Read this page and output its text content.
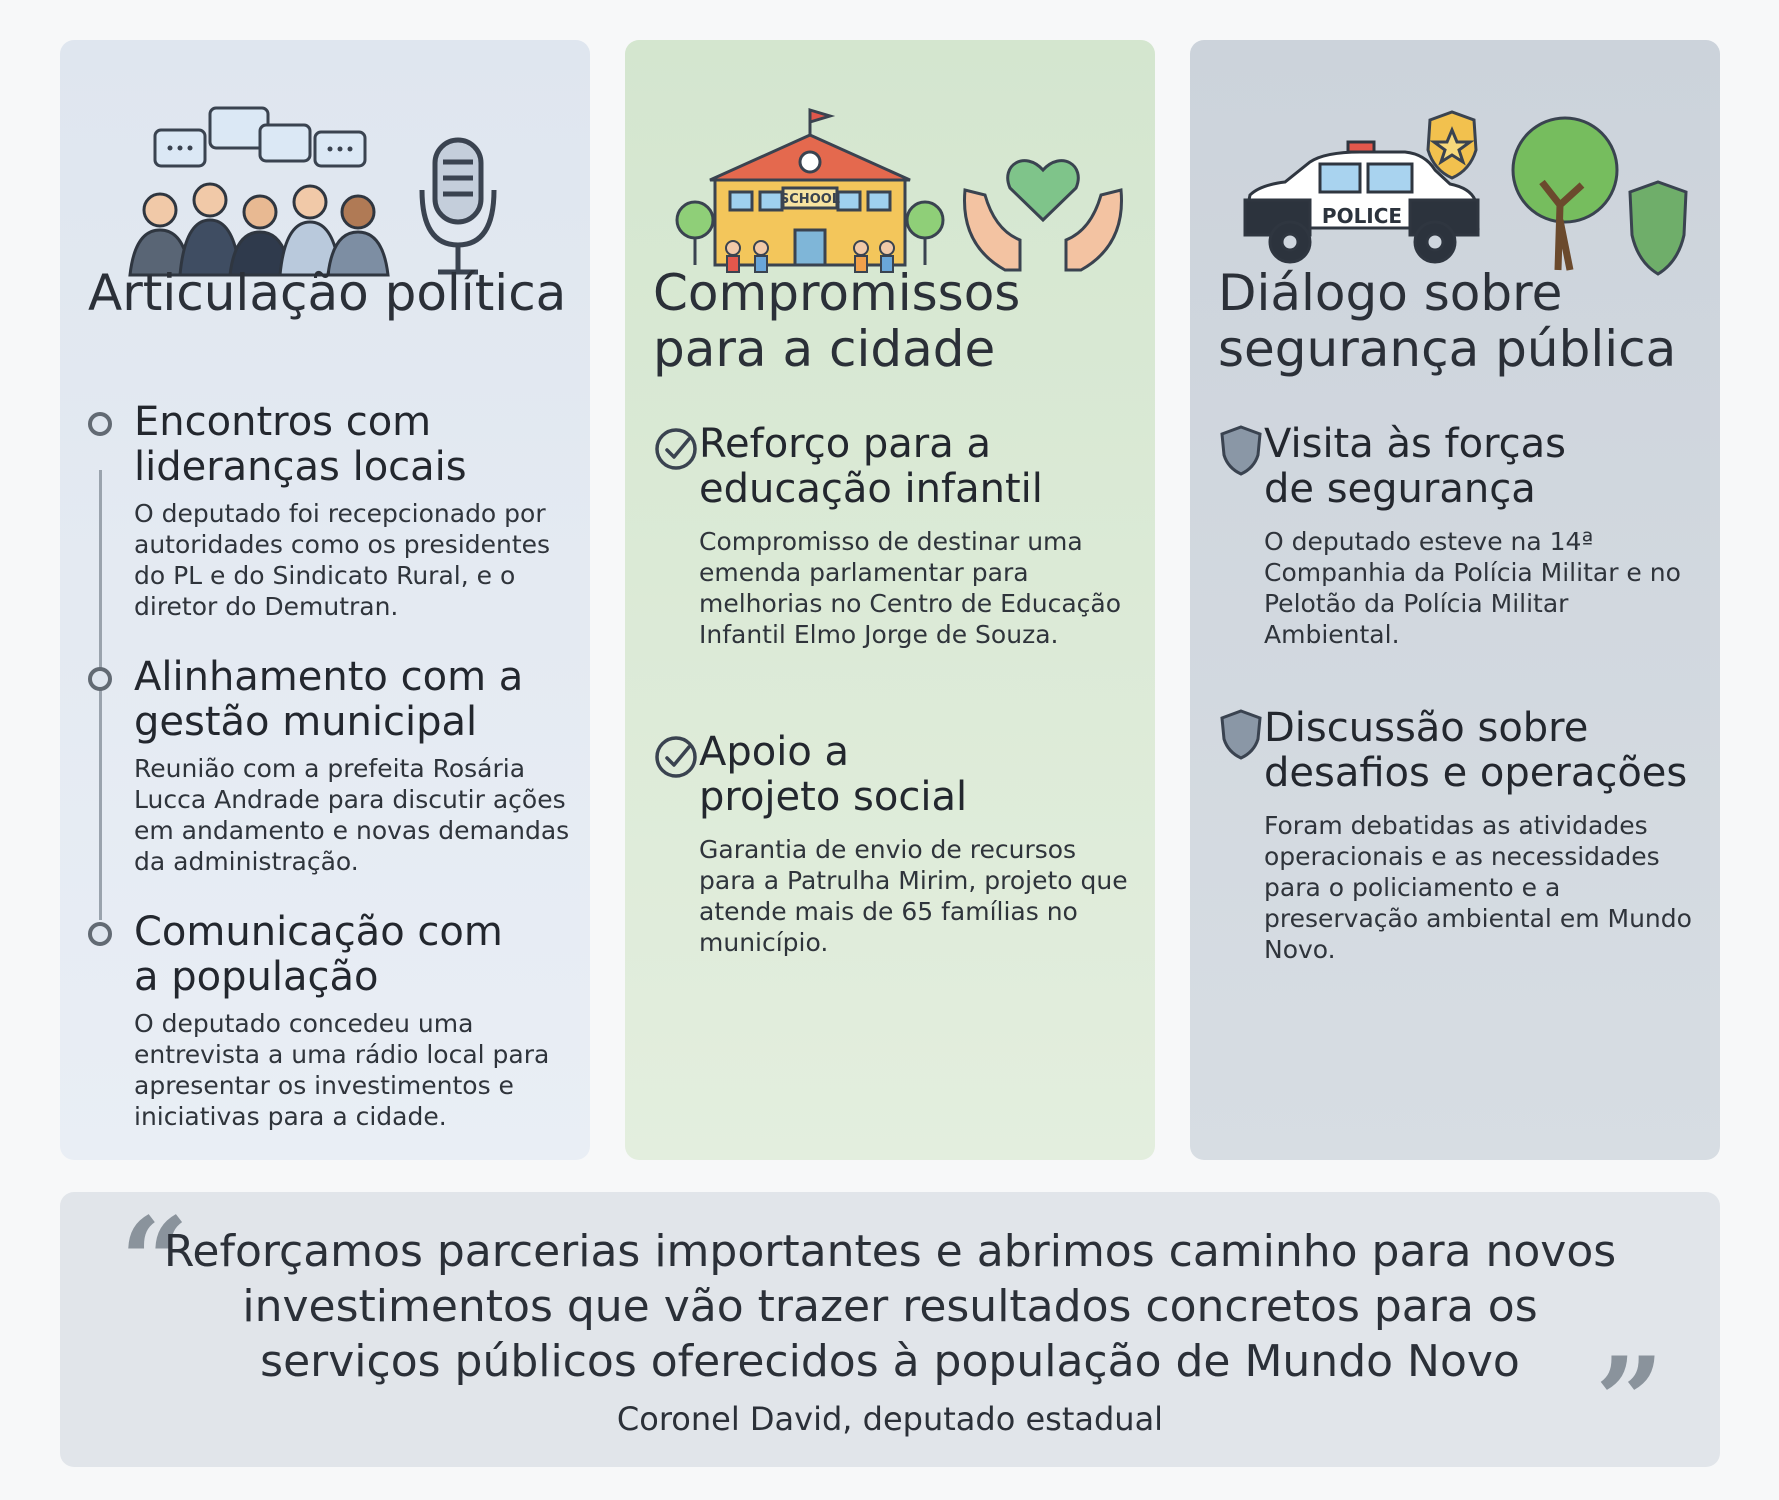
Articulação política
Encontros com
lideranças locais
O deputado foi recepcionado por autoridades como os presidentes do PL e do Sindicato Rural, e o diretor do Demutran.
Alinhamento com a
gestão municipal
Reunião com a prefeita Rosária Lucca Andrade para discutir ações em andamento e novas demandas da administração.
Comunicação com
a população
O deputado concedeu uma entrevista a uma rádio local para apresentar os investimentos e iniciativas para a cidade.
SCHOOL
Compromissos
para a cidade
Reforço para a
educação infantil
Compromisso de destinar uma emenda parlamentar para melhorias no Centro de Educação Infantil Elmo Jorge de Souza.
Apoio a
projeto social
Garantia de envio de recursos para a Patrulha Mirim, projeto que atende mais de 65 famílias no município.
POLICE
Diálogo sobre
segurança pública
Visita às forças
de segurança
O deputado esteve na 14ª Companhia da Polícia Militar e no Pelotão da Polícia Militar Ambiental.
Discussão sobre
desafios e operações
Foram debatidas as atividades operacionais e as necessidades para o policiamento e a preservação ambiental em Mundo Novo.
“
Reforçamos parcerias importantes e abrimos caminho para novos investimentos que vão trazer resultados concretos para os serviços públicos oferecidos à população de Mundo Novo ”
Coronel David, deputado estadual
